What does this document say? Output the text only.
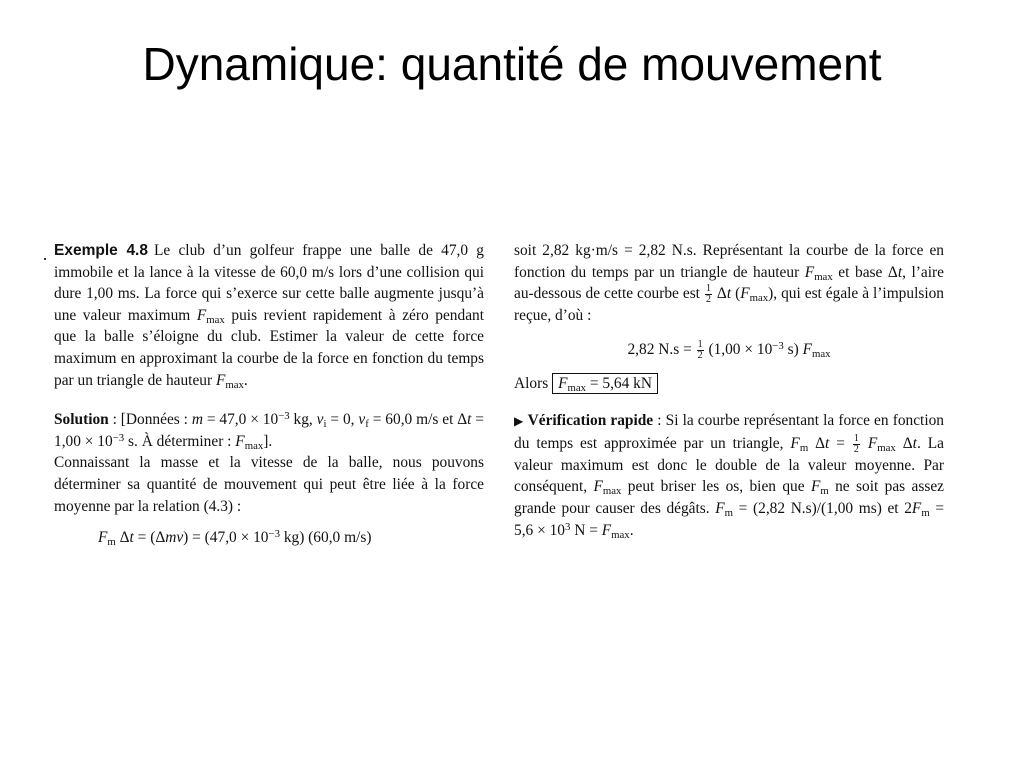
Dynamique: quantité de mouvement

Exemple 4.8 Le club d’un golfeur frappe une balle de 47,0 g immobile et la lance à la vitesse de 60,0 m/s lors d’une collision qui dure 1,00 ms. La force qui s’exerce sur cette balle augmente jusqu’à une valeur maximum $F_{max}$ puis revient rapidement à zéro pendant que la balle s’éloigne du club. Estimer la valeur de cette force maximum en approximant la courbe de la force en fonction du temps par un triangle de hauteur $F_{max}$.

Solution : [Données : $m = 47,0 \times 10^{-3}$ kg, $v_i = 0$, $v_f = 60,0$ m/s et $\Delta t = 1,00 \times 10^{-3}$ s. À déterminer : $F_{max}$].

Connaissant la masse et la vitesse de la balle, nous pouvons déterminer sa quantité de mouvement qui peut être liée à la force moyenne par la relation (4.3) :

$F_m$ $\Delta t = (\Delta mv) = (47,0 \times 10^{-3}$ kg) (60,0 m/s)

soit 2,82 kg·m/s = 2,82 N.s. Représentant la courbe de la force en fonction du temps par un triangle de hauteur $F_{max}$ et base Δt, l’aire au-dessous de cette courbe est $\frac{1}{2}$ Δt $(F_{max})$, qui est égale à l’impulsion reçue, d’où :

2,82 $N.s = \frac{1}{2} (1,00 \times 10^{-3}$ s) $F_{max}$

Alors $F_{max} = 5,64$ kN

▶ Vérification rapide : Si la courbe représentant la force en fonction du temps est approximée par un triangle, $F_m$ $\Delta t = \frac{1}{2} F_{max}$ Δt. La valeur maximum est donc le double de la valeur moyenne. Par conséquent, $F_{max}$ peut briser les os, bien que $F_m$ ne soit pas assez grande pour causer des dégâts. $F_m = (2,82$ N.s)/(1,00 ms) et $2F_m = 5,6 \times 10^3$ $N = F_{max}$.
